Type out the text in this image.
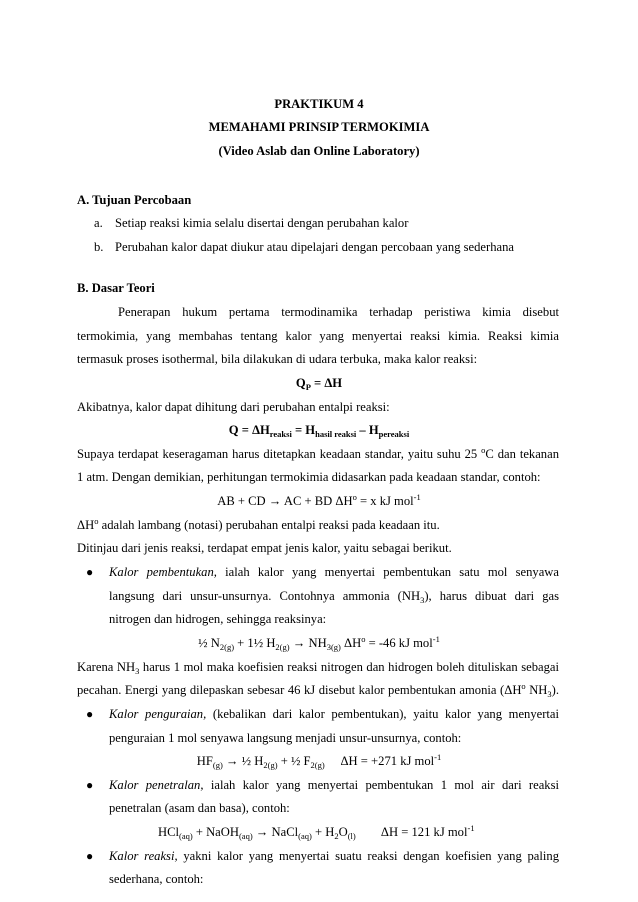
PRAKTIKUM 4
MEMAHAMI PRINSIP TERMOKIMIA
(Video Aslab dan Online Laboratory)
A. Tujuan Percobaan
a. Setiap reaksi kimia selalu disertai dengan perubahan kalor
b. Perubahan kalor dapat diukur atau dipelajari dengan percobaan yang sederhana
B. Dasar Teori
Penerapan hukum pertama termodinamika terhadap peristiwa kimia disebut
termokimia, yang membahas tentang kalor yang menyertai reaksi kimia. Reaksi kimia
termasuk proses isothermal, bila dilakukan di udara terbuka, maka kalor reaksi:
$Q_P = \Delta H$
Akibatnya, kalor dapat dihitung dari perubahan entalpi reaksi:
$Q = \Delta H_{reaksi} = H_{hasil reaksi} - H_{pereaksi}$
Supaya terdapat keseragaman harus ditetapkan keadaan standar, yaitu suhu 25 $^o$C dan tekanan
1 atm. Dengan demikian, perhitungan termokimia didasarkan pada keadaan standar, contoh:
AB + CD → AC + BD $\Delta H^o = x$ kJ mol$^{-1}$
$\Delta H^o$ adalah lambang (notasi) perubahan entalpi reaksi pada keadaan itu.
Ditinjau dari jenis reaksi, terdapat empat jenis kalor, yaitu sebagai berikut.
● Kalor pembentukan, ialah kalor yang menyertai pembentukan satu mol senyawa
langsung dari unsur-unsurnya. Contohnya ammonia $(NH_3)$, harus dibuat dari gas
nitrogen dan hidrogen, sehingga reaksinya:
½ $N_{2(g)}$ + 1½ $H_{2(g)} \to NH_{3(g)}$ $\Delta H^o = -46$ kJ mol$^{-1}$
Karena $NH_3$ harus 1 mol maka koefisien reaksi nitrogen dan hidrogen boleh dituliskan sebagai
pecahan. Energi yang dilepaskan sebesar 46 kJ disebut kalor pembentukan amonia ($\Delta H^o$ $NH_3$).
● Kalor penguraian, (kebalikan dari kalor pembentukan), yaitu kalor yang menyertai
penguraian 1 mol senyawa langsung menjadi unsur-unsurnya, contoh:
$HF_{(g)}$ → ½ $H_{2(g)}$ + ½ $F_{2(g)}$     ΔH = +271 kJ mol$^{-1}$
● Kalor penetralan, ialah kalor yang menyertai pembentukan 1 mol air dari reaksi
penetralan (asam dan basa), contoh:
HCl$_{(aq)}$ + NaOH$_{(aq)}$ → NaCl$_{(aq)}$ + $H_2O_{(l)}$        ΔH = 121 kJ mol$^{-1}$
● Kalor reaksi, yakni kalor yang menyertai suatu reaksi dengan koefisien yang paling
sederhana, contoh:
